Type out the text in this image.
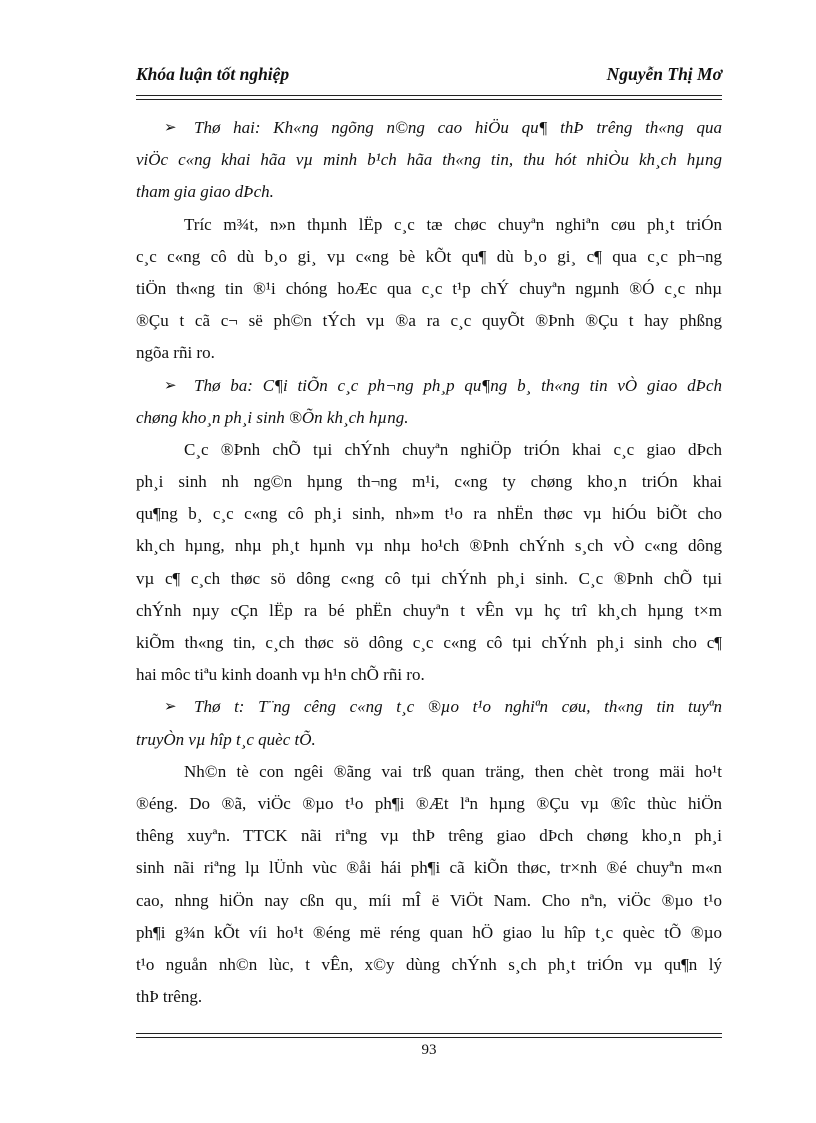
Khóa luận tốt nghiệp	Nguyễn Thị Mơ
➢ Thø hai: Kh«ng ngõng n©ng cao hiÖu qu¶ thÞ trêng th«ng qua
viÖc c«ng khai hãa vµ minh b¹ch hãa th«ng tin, thu hót nhiÒu kh¸ch hµng
tham gia giao dÞch.
Tríc m¾t, n»n thµnh lËp c¸c tæ chøc chuyªn nghiªn cøu ph¸t triÓn
c¸c c«ng cô dù b¸o gi¸ vµ c«ng bè kÕt qu¶ dù b¸o gi¸ c¶ qua c¸c ph¬ng
tiÖn th«ng tin ®¹i chóng hoÆc qua c¸c t¹p chÝ chuyªn ngµnh ®Ó c¸c nhµ
®Çu t cã c¬ së ph©n tÝch vµ ®a ra c¸c quyÕt ®Þnh ®Çu t hay phßng
ngõa rñi ro.
➢ Thø ba: C¶i tiÕn c¸c ph¬ng ph¸p qu¶ng b¸ th«ng tin vÒ giao dÞch
chøng kho¸n ph¸i sinh ®Õn kh¸ch hµng.
C¸c ®Þnh chÕ tµi chÝnh chuyªn nghiÖp triÓn khai c¸c giao dÞch
ph¸i sinh nh ng©n hµng th¬ng m¹i, c«ng ty chøng kho¸n triÓn khai
qu¶ng b¸ c¸c c«ng cô ph¸i sinh, nh»m t¹o ra nhËn thøc vµ hiÓu biÕt cho
kh¸ch hµng, nhµ ph¸t hµnh vµ nhµ ho¹ch ®Þnh chÝnh s¸ch vÒ c«ng dông
vµ c¶ c¸ch thøc sö dông c«ng cô tµi chÝnh ph¸i sinh. C¸c ®Þnh chÕ tµi
chÝnh nµy cÇn lËp ra bé phËn chuyªn t vÊn vµ hç trî kh¸ch hµng t×m
kiÕm th«ng tin, c¸ch thøc sö dông c¸c c«ng cô tµi chÝnh ph¸i sinh cho c¶
hai môc tiªu kinh doanh vµ h¹n chÕ rñi ro.
➢ Thø t: T¨ng cêng c«ng t¸c ®µo t¹o nghiªn cøu, th«ng tin tuyªn
truyÒn vµ hîp t¸c quèc tÕ.
Nh©n tè con ngêi ®ãng vai trß quan träng, then chèt trong mäi ho¹t
®éng. Do ®ã, viÖc ®µo t¹o ph¶i ®Æt lªn hµng ®Çu vµ ®îc thùc hiÖn
thêng xuyªn. TTCK nãi riªng vµ thÞ trêng giao dÞch chøng kho¸n ph¸i
sinh nãi riªng lµ lÜnh vùc ®åi hái ph¶i cã kiÕn thøc, tr×nh ®é chuyªn m«n
cao, nhng hiÖn nay cßn qu¸ míi mÎ ë ViÖt Nam. Cho nªn, viÖc ®µo t¹o
ph¶i g¾n kÕt víi ho¹t ®éng më réng quan hÖ giao lu hîp t¸c quèc tÕ ®µo
t¹o nguån nh©n lùc, t vÊn, x©y dùng chÝnh s¸ch ph¸t triÓn vµ qu¶n lý
thÞ trêng.
93
